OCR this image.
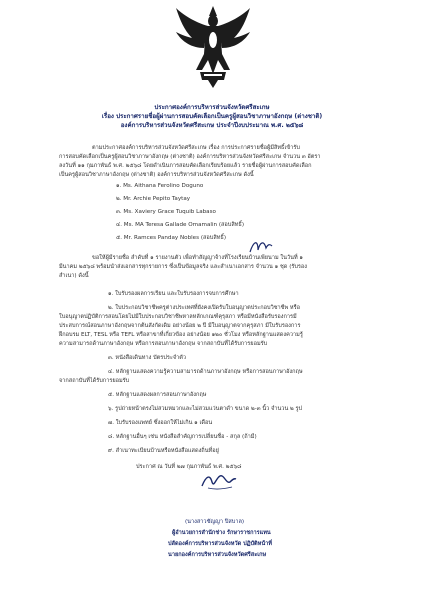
ประกาศองค์การบริหารส่วนจังหวัดศรีสะเกษ
เรื่อง ประกาศรายชื่อผู้ผ่านการสอบคัดเลือกเป็นครูผู้สอนวิชาภาษาอังกฤษ (ต่างชาติ)
องค์การบริหารส่วนจังหวัดศรีสะเกษ ประจำปีงบประมาณ พ.ศ. ๒๕๖๘
ตามประกาศองค์การบริหารส่วนจังหวัดศรีสะเกษ เรื่อง การประกาศรายชื่อผู้มีสิทธิ์เข้ารับ
การสอบคัดเลือกเป็นครูผู้สอนวิชาภาษาอังกฤษ (ต่างชาติ) องค์การบริหารส่วนจังหวัดศรีสะเกษ จำนวน ๓ อัตรา
ลงวันที่ ๑๑ กุมภาพันธ์ พ.ศ. ๒๕๖๘ โดยดำเนินการสอบคัดเลือกเรียบร้อยแล้ว รายชื่อผู้ผ่านการสอบคัดเลือก
เป็นครูผู้สอนวิชาภาษาอังกฤษ (ต่างชาติ) องค์การบริหารส่วนจังหวัดศรีสะเกษ ดังนี้
๑. Ms. Aithana Ferolino Doguno
๒. Mr. Archie Pepito Taytay
๓. Ms. Xaviery Grace Tuquib Labaso
๔. Ms. MA Teresa Gallade Omamalin (สอบสิทธิ์)
๕. Mr. Ramces Panday Nobles (สอบสิทธิ์)
ขอให้ผู้มีรายชื่อ ลำดับที่ ๑ รายงานตัว เพื่อทำสัญญาจ้างที่โรงเรียนบ้านเพียนาม ในวันที่ ๑
มีนาคม ๒๕๖๘ พร้อมนำส่งเอกสารทุกรายการ ซึ่งเป็นข้อมูลจริง และสำเนาเอกสาร จำนวน ๑ ชุด (รับรอง
สำเนา) ดังนี้
๑. ใบรับรองผลการเรียน และใบรับรองการจบการศึกษา
๒. ใบประกอบวิชาชีพครูต่างประเทศที่ยังคงเปิดรับใบอนุญาตประกอบวิชาชีพ หรือ
ใบอนุญาตปฏิบัติการสอนโดยไม่มีใบประกอบวิชาชีพหาลหลักเกณฑ์คุรุสภา หรือมีหนังสือรับรองการมี
ประสบการณ์สอนภาษาอังกฤษจากต้นสังกัดเดิม อย่างน้อย ๒ ปี มีใบอนุญาตจากคุรุสภา มีใบรับรองการ
ฝึกอบรม ELT, TESL หรือ TEFL หรือสาขาที่เกี่ยวข้อง อย่างน้อย ๑๒๐ ชั่วโมง หรือหลักฐานแสดงความรู้
ความสามารถด้านภาษาอังกฤษ หรือการสอบภาษาอังกฤษ จากสถาบันที่ได้รับการยอมรับ
๓. หนังสือเดินทาง บัตรประจำตัว
๔. หลักฐานแสดงความรู้ความสามารถด้านภาษาอังกฤษ หรือการสอบภาษาอังกฤษ
จากสถาบันที่ได้รับการยอมรับ
๕. หลักฐานแสดงผลการสอบภาษาอังกฤษ
๖. รูปถ่ายหน้าตรงไม่สวมหมวกและไม่สวมแว่นตาดำ ขนาด ๒-๓ นิ้ว จำนวน ๒ รูป
๗. ใบรับรองแพทย์ ซึ่งออกให้ไม่เกิน ๑ เดือน
๘. หลักฐานอื่นๆ เช่น หนังสือสำคัญการเปลี่ยนชื่อ - สกุล (ถ้ามี)
๙. สำเนาทะเบียนบ้านหรือหนังสือแสดงถิ่นที่อยู่
ประกาศ ณ วันที่ ๒๗ กุมภาพันธ์ พ.ศ. ๒๕๖๘
(นางสาวชัญญา ปิสบาล)
ผู้อำนวยการสำนักช่าง รักษาราชการแทน
ปลัดองค์การบริหารส่วนจังหวัด ปฏิบัติหน้าที่
นายกองค์การบริหารส่วนจังหวัดศรีสะเกษ
